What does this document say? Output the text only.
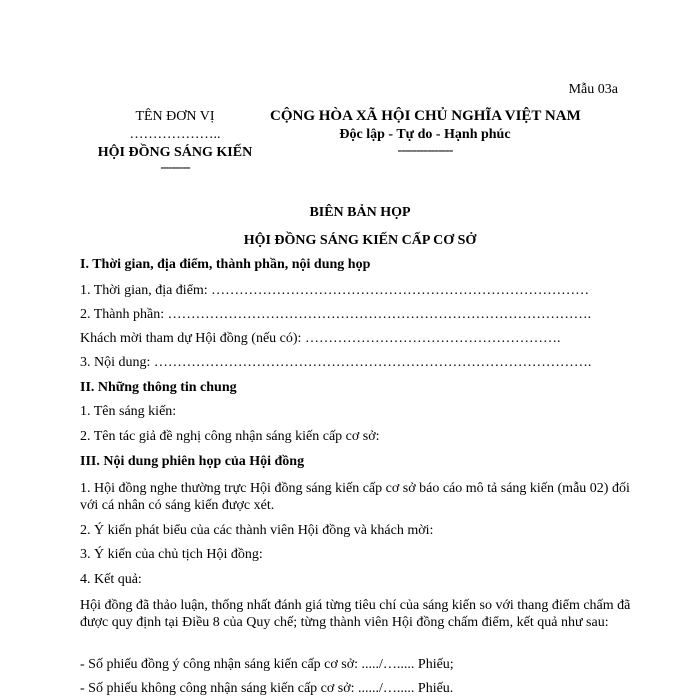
Mẫu 03a
TÊN ĐƠN VỊ
………………..
HỘI ĐỒNG SÁNG KIẾN
--------
CỘNG HÒA XÃ HỘI CHỦ NGHĨA VIỆT NAM
Độc lập - Tự do - Hạnh phúc
---------------
BIÊN BẢN HỌP
HỘI ĐỒNG SÁNG KIẾN CẤP CƠ SỞ
I. Thời gian, địa điểm, thành phần, nội dung họp
1. Thời gian, địa điểm: ………………………………………………………………………
2. Thành phần: ……………………………………………………………………………….
Khách mời tham dự Hội đồng (nếu có): ……………………………………………….
3. Nội dung: ………………………………………………………………………………….
II. Những thông tin chung
1. Tên sáng kiến:
2. Tên tác giả đề nghị công nhận sáng kiến cấp cơ sở:
III. Nội dung phiên họp của Hội đồng
1. Hội đồng nghe thường trực Hội đồng sáng kiến cấp cơ sở báo cáo mô tả sáng kiến (mẫu 02) đối với cá nhân có sáng kiến được xét.
2. Ý kiến phát biểu của các thành viên Hội đồng và khách mời:
3. Ý kiến của chủ tịch Hội đồng:
4. Kết quả:
Hội đồng đã thảo luận, thống nhất đánh giá từng tiêu chí của sáng kiến so với thang điểm chấm đã được quy định tại Điều 8 của Quy chế; từng thành viên Hội đồng chấm điểm, kết quả như sau:
- Số phiếu đồng ý công nhận sáng kiến cấp cơ sở: ...../…..... Phiếu;
- Số phiếu không công nhận sáng kiến cấp cơ sở: ....../…..... Phiếu.
